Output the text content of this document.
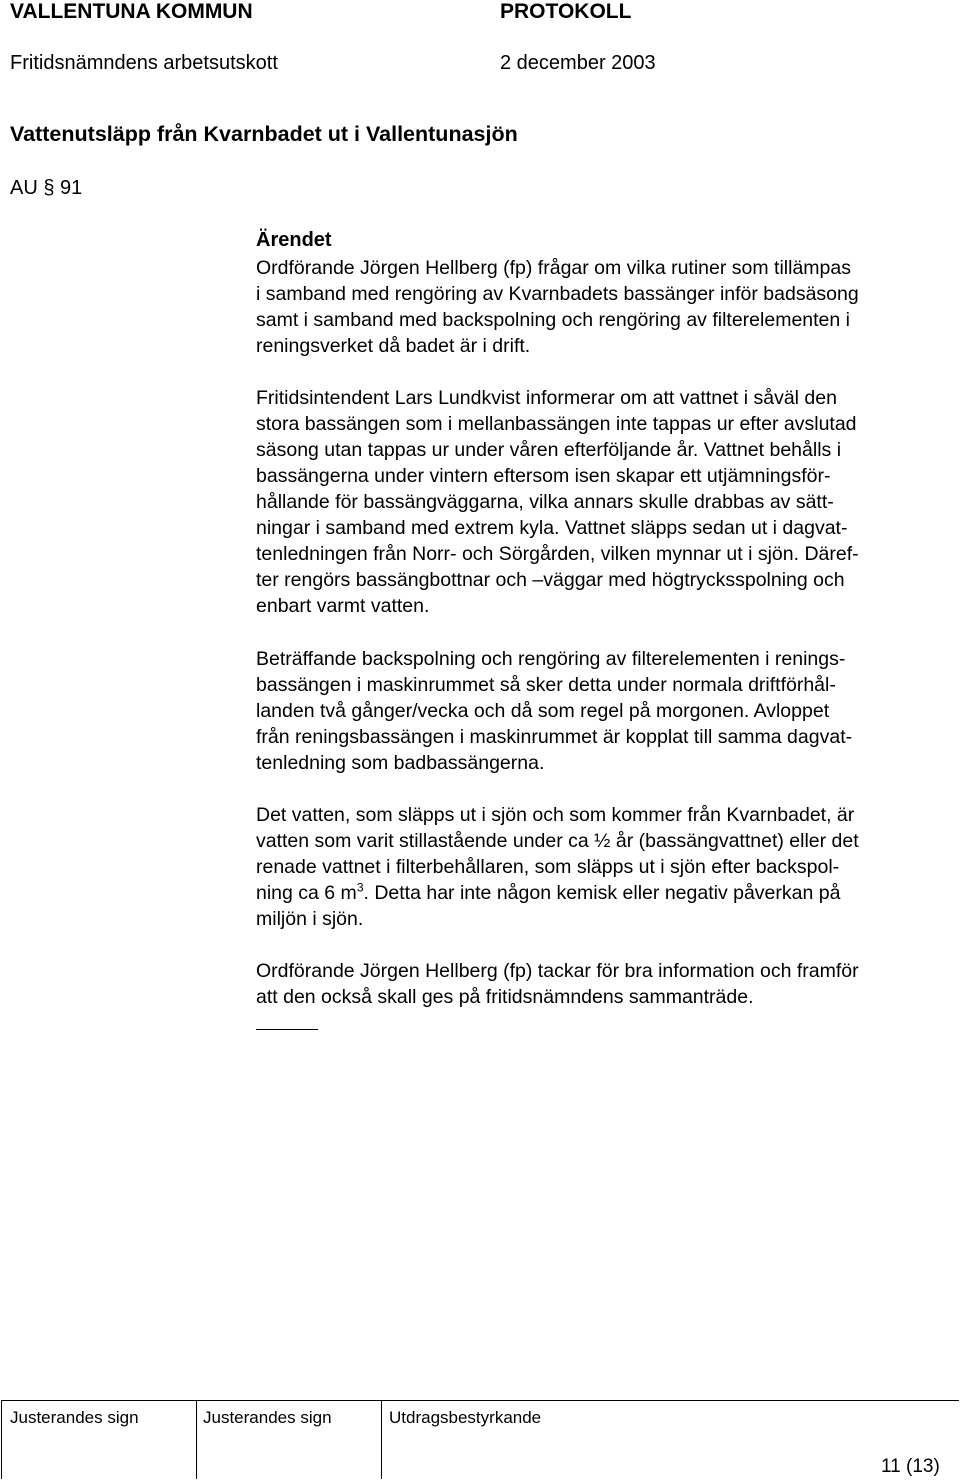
VALLENTUNA KOMMUN	PROTOKOLL
Fritidsnämndens arbetsutskott	2 december 2003
Vattenutsläpp från Kvarnbadet ut i Vallentunasjön
AU § 91
Ärendet
Ordförande Jörgen Hellberg (fp) frågar om vilka rutiner som tillämpas
i samband med rengöring av Kvarnbadets bassänger inför badsäsong
samt i samband med backspolning och rengöring av filterelementen i
reningsverket då badet är i drift.
Fritidsintendent Lars Lundkvist informerar om att vattnet i såväl den
stora bassängen som i mellanbassängen inte tappas ur efter avslutad
säsong utan tappas ur under våren efterföljande år. Vattnet behålls i
bassängerna under vintern eftersom isen skapar ett utjämningsför-
hållande för bassängväggarna, vilka annars skulle drabbas av sätt-
ningar i samband med extrem kyla. Vattnet släpps sedan ut i dagvat-
tenledningen från Norr- och Sörgården, vilken mynnar ut i sjön. Däref-
ter rengörs bassängbottnar och –väggar med högtrycksspolning och
enbart varmt vatten.
Beträffande backspolning och rengöring av filterelementen i renings-
bassängen i maskinrummet så sker detta under normala driftförhål-
landen två gånger/vecka och då som regel på morgonen. Avloppet
från reningsbassängen i maskinrummet är kopplat till samma dagvat-
tenledning som badbassängerna.
Det vatten, som släpps ut i sjön och som kommer från Kvarnbadet, är
vatten som varit stillastående under ca ½ år (bassängvattnet) eller det
renade vattnet i filterbehållaren, som släpps ut i sjön efter backspol-
ning ca 6 $m^3$. Detta har inte någon kemisk eller negativ påverkan på
miljön i sjön.
Ordförande Jörgen Hellberg (fp) tackar för bra information och framför
att den också skall ges på fritidsnämndens sammanträde.
Justerandes sign	Justerandes sign	Utdragsbestyrkande
11 (13)
